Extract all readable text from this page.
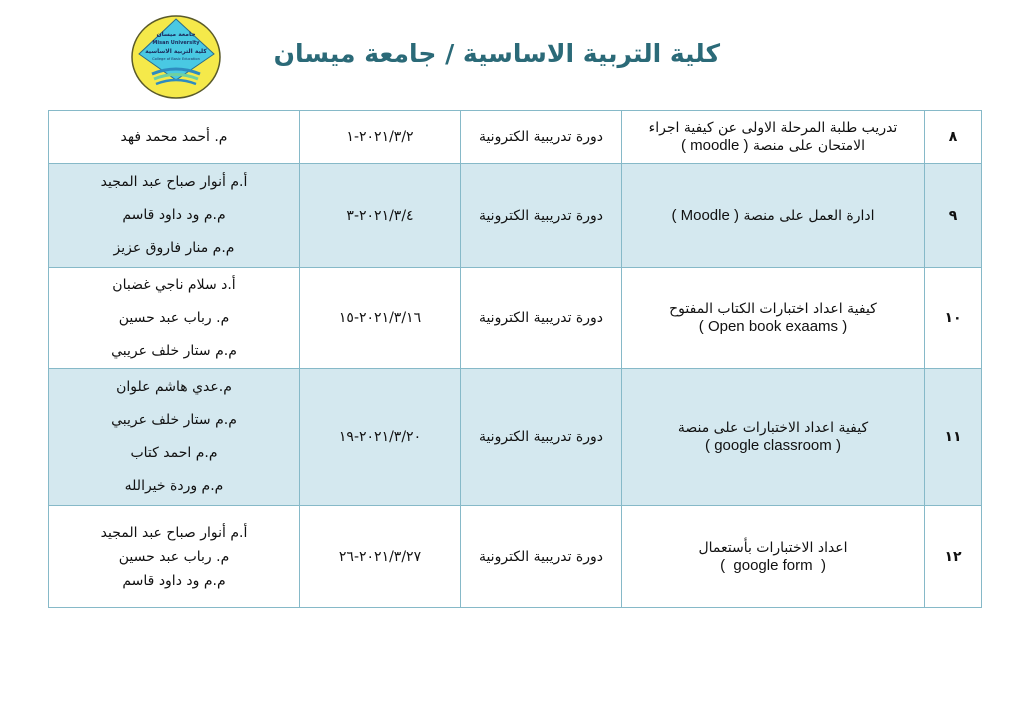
جامعة ميسان
Misan University
كلية التربية الاساسية
College of Basic Education	كلية التربية الاساسية / جامعة ميسان
٨	تدريب طلبة المرحلة الاولى عن كيفية اجراء الامتحان على منصة ( moodle )	دورة تدريبية الكترونية	٢٠٢١/٣/٢-١	م. أحمد محمد فهد

٩	ادارة العمل على منصة ( Moodle )	دورة تدريبية الكترونية	٢٠٢١/٣/٤-٣	أ.م أنوار صباح عبد المجيد
م.م ود داود قاسم
م.م منار فاروق عزيز

١٠	كيفية اعداد اختبارات الكتاب المفتوح
( Open book exaams )	دورة تدريبية الكترونية	٢٠٢١/٣/١٦-١٥	أ.د سلام ناجي غضبان
م. رباب عبد حسين
م.م ستار خلف عريبي

١١	كيفية اعداد الاختبارات على منصة
( google classroom )	دورة تدريبية الكترونية	٢٠٢١/٣/٢٠-١٩	م.عدي هاشم علوان
م.م ستار خلف عريبي
م.م احمد كتاب
م.م وردة خيرالله

١٢	اعداد الاختبارات بأستعمال
(  google form  )	دورة تدريبية الكترونية	٢٠٢١/٣/٢٧-٢٦	أ.م أنوار صباح عبد المجيد
م. رباب عبد حسين
م.م ود داود قاسم
